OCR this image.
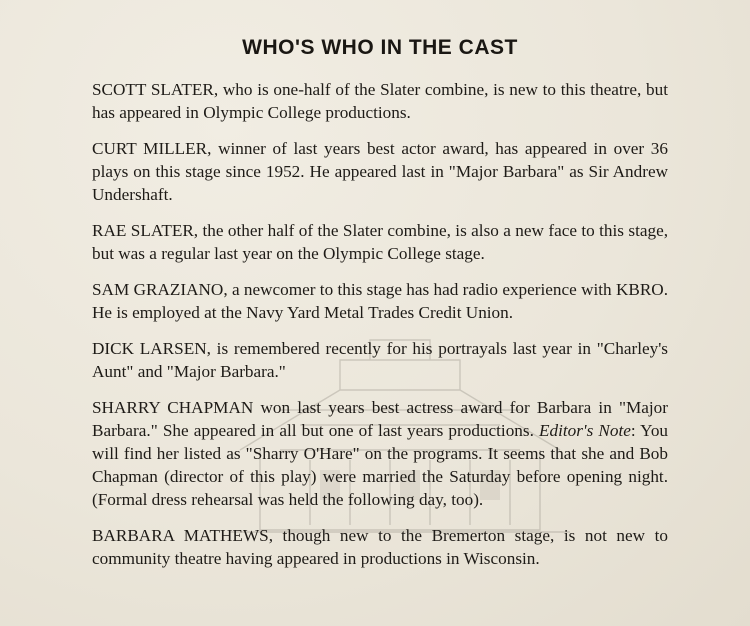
WHO'S WHO IN THE CAST

SCOTT SLATER, who is one-half of the Slater combine, is new to this theatre, but has appeared in Olympic College productions.

CURT MILLER, winner of last years best actor award, has appeared in over 36 plays on this stage since 1952. He appeared last in "Major Barbara" as Sir Andrew Undershaft.

RAE SLATER, the other half of the Slater combine, is also a new face to this stage, but was a regular last year on the Olympic College stage.

SAM GRAZIANO, a newcomer to this stage has had radio experience with KBRO. He is employed at the Navy Yard Metal Trades Credit Union.

DICK LARSEN, is remembered recently for his portrayals last year in "Charley's Aunt" and "Major Barbara."

SHARRY CHAPMAN won last years best actress award for Barbara in "Major Barbara." She appeared in all but one of last years productions. Editor's Note: You will find her listed as "Sharry O'Hare" on the programs. It seems that she and Bob Chapman (director of this play) were married the Saturday before opening night. (Formal dress rehearsal was held the following day, too).

BARBARA MATHEWS, though new to the Bremerton stage, is not new to community theatre having appeared in productions in Wisconsin.
